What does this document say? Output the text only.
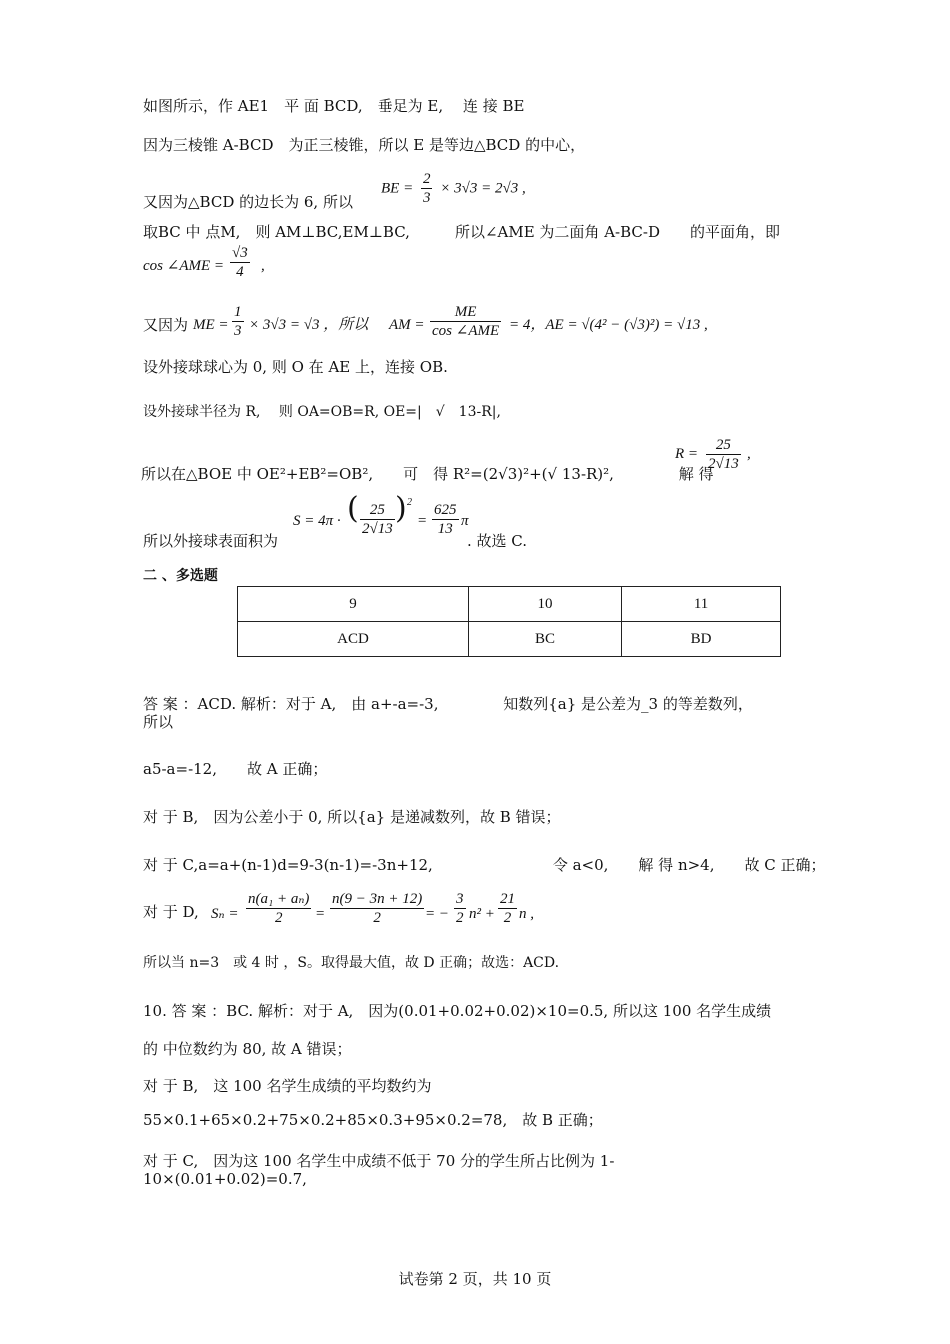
如图所示，作 AE1　平 面 BCD,　垂足为 E,　 连 接 BE
因为三棱锥 A-BCD　为正三棱锥，所以 E 是等边△BCD 的中心，
又因为△BCD 的边长为 6, 所以
BE = $\frac{2}{3} \times 3√3 = 2√3$ ,
取BC 中 点M,　则 AM⊥BC,EM⊥BC,　　　所以∠AME 为二面角 A-BC-D　　的平面角，即
cos ∠AME = $\frac{√3}{4}$ ,
又因为 ME = $\frac{1}{3} \times 3√3 = √3$ ，所以 AM =
ME
cos ∠AME = 4，AE = √(4² − (√3)²) = √13 ,
设外接球球心为 0, 则 O 在 AE 上，连接 OB.
设外接球半径为 R,　 则 OA=OB=R, OE=|　√　13-R|,
所以在△BOE 中 OE²+EB²=OB²,　　可　得 R²=(2√3)²+(√ 13-R)²,　　　　 解 得
$R = \frac{25}{2√13}$ ,
所以外接球表面积为
S = 4π · ( $\frac{25}{2√13}$ ) 2
= $\frac{625}{13}$ π
. 故选 C.
二 、多选题
9	10	11
ACD	BC	BD
答 案 ：ACD. 解析：对于 A,　由 a+-a=-3,　　　　 知数列{a} 是公差为_3 的等差数列，
所以
a5-a=-12,　　故 A 正确；
对 于 B,　因为公差小于 0, 所以{a} 是递减数列，故 B 错误；
对 于 C,a=a+(n-1)d=9-3(n-1)=-3n+12,　　　　　　　　令 a<0,　　解 得 n>4,　　故 C 正确；
对 于 D, $S_n = \frac{\text{n(a₁ + aₙ)}}{2} = \frac{n(9 - 3n + 12)}{2}$ = − $\frac{3}{2} n^2 + \frac{21}{2}$ n ,
所以当 n=3　或 4 时 ，S。取得最大值，故 D 正确；故选：ACD.
10. 答 案 ：BC. 解析：对于 A,　因为(0.01+0.02+0.02)×10=0.5, 所以这 100 名学生成绩
的 中位数约为 80, 故 A 错误；
对 于 B,　这 100 名学生成绩的平均数约为
55×0.1+65×0.2+75×0.2+85×0.3+95×0.2=78,　故 B 正确；
对 于 C,　因为这 100 名学生中成绩不低于 70 分的学生所占比例为 1-
10×(0.01+0.02)=0.7,
试卷第 2 页，共 10 页
